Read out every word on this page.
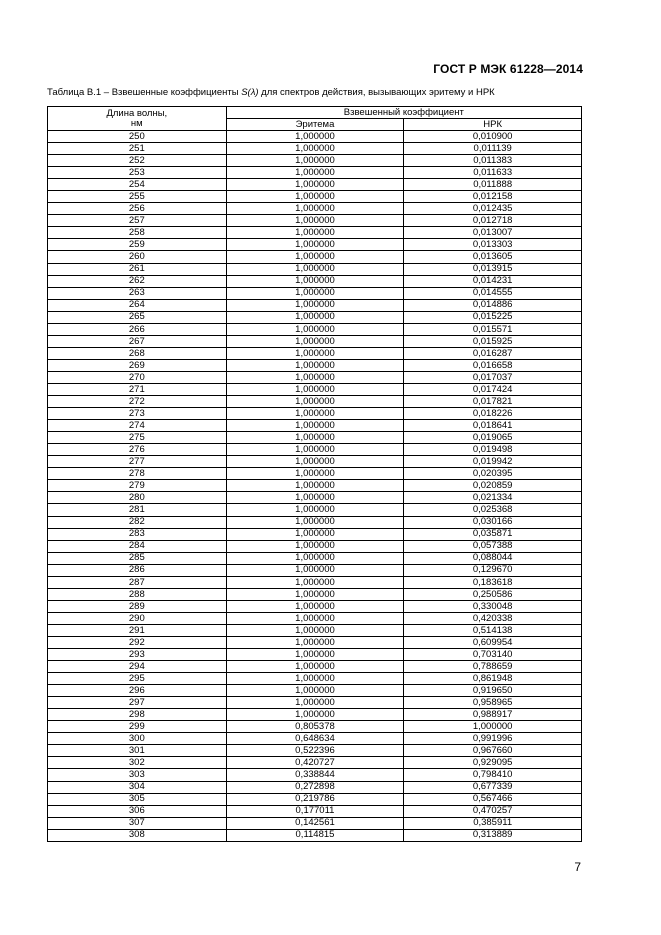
ГОСТ Р МЭК 61228—2014
Таблица В.1 – Взвешенные коэффициенты S(λ) для спектров действия, вызывающих эритему и НРК
Длина волны,
нм	Взвешенный коэффициент	
	Эритема	НРК
250	1,000000	0,010900
251	1,000000	0,011139
252	1,000000	0,011383
253	1,000000	0,011633
254	1,000000	0,011888
255	1,000000	0,012158
256	1,000000	0,012435
257	1,000000	0,012718
258	1,000000	0,013007
259	1,000000	0,013303
260	1,000000	0,013605
261	1,000000	0,013915
262	1,000000	0,014231
263	1,000000	0,014555
264	1,000000	0,014886
265	1,000000	0,015225
266	1,000000	0,015571
267	1,000000	0,015925
268	1,000000	0,016287
269	1,000000	0,016658
270	1,000000	0,017037
271	1,000000	0,017424
272	1,000000	0,017821
273	1,000000	0,018226
274	1,000000	0,018641
275	1,000000	0,019065
276	1,000000	0,019498
277	1,000000	0,019942
278	1,000000	0,020395
279	1,000000	0,020859
280	1,000000	0,021334
281	1,000000	0,025368
282	1,000000	0,030166
283	1,000000	0,035871
284	1,000000	0,057388
285	1,000000	0,088044
286	1,000000	0,129670
287	1,000000	0,183618
288	1,000000	0,250586
289	1,000000	0,330048
290	1,000000	0,420338
291	1,000000	0,514138
292	1,000000	0,609954
293	1,000000	0,703140
294	1,000000	0,788659
295	1,000000	0,861948
296	1,000000	0,919650
297	1,000000	0,958965
298	1,000000	0,988917
299	0,805378	1,000000
300	0,648634	0,991996
301	0,522396	0,967660
302	0,420727	0,929095
303	0,338844	0,798410
304	0,272898	0,677339
305	0,219786	0,567466
306	0,177011	0,470257
307	0,142561	0,385911
308	0,114815	0,313889
7
